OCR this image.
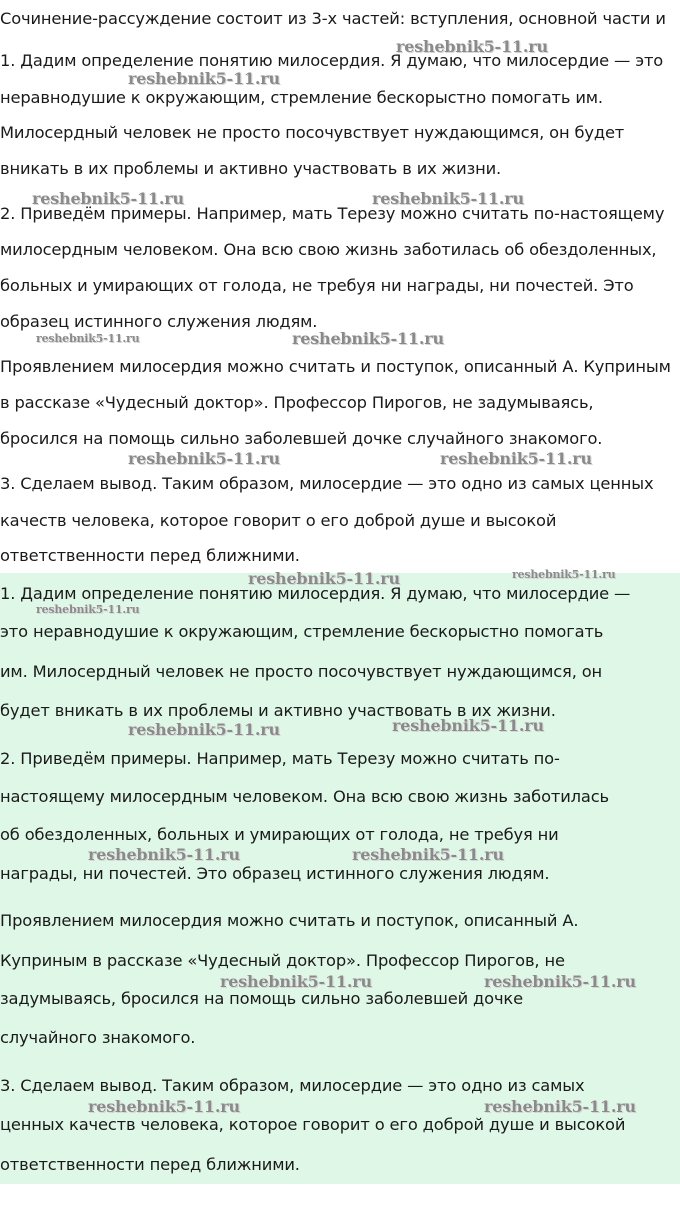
Сочинение-рассуждение состоит из 3-х частей: вступления, основной части и

1. Дадим определение понятию милосердия. Я думаю, что милосердие — это

неравнодушие к окружающим, стремление бескорыстно помогать им.

Милосердный человек не просто посочувствует нуждающимся, он будет

вникать в их проблемы и активно участвовать в их жизни.

2. Приведём примеры. Например, мать Терезу можно считать по-настоящему

милосердным человеком. Она всю свою жизнь заботилась об обездоленных,

больных и умирающих от голода, не требуя ни награды, ни почестей. Это

образец истинного служения людям.

Проявлением милосердия можно считать и поступок, описанный А. Куприным

в рассказе «Чудесный доктор». Профессор Пирогов, не задумываясь,

бросился на помощь сильно заболевшей дочке случайного знакомого.

3. Сделаем вывод. Таким образом, милосердие — это одно из самых ценных

качеств человека, которое говорит о его доброй душе и высокой

ответственности перед ближними.

1. Дадим определение понятию милосердия. Я думаю, что милосердие —

это неравнодушие к окружающим, стремление бескорыстно помогать

им. Милосердный человек не просто посочувствует нуждающимся, он

будет вникать в их проблемы и активно участвовать в их жизни.

2. Приведём примеры. Например, мать Терезу можно считать по-

настоящему милосердным человеком. Она всю свою жизнь заботилась

об обездоленных, больных и умирающих от голода, не требуя ни

награды, ни почестей. Это образец истинного служения людям.

Проявлением милосердия можно считать и поступок, описанный А.

Куприным в рассказе «Чудесный доктор». Профессор Пирогов, не

задумываясь, бросился на помощь сильно заболевшей дочке

случайного знакомого.

3. Сделаем вывод. Таким образом, милосердие — это одно из самых

ценных качеств человека, которое говорит о его доброй душе и высокой

ответственности перед ближними.

reshebnik5-11.ru
reshebnik5-11.ru
reshebnik5-11.ru	reshebnik5-11.ru
reshebnik5-11.ru	reshebnik5-11.ru
reshebnik5-11.ru	reshebnik5-11.ru
reshebnik5-11.ru	reshebnik5-11.ru
reshebnik5-11.ru
reshebnik5-11.ru	reshebnik5-11.ru
reshebnik5-11.ru	reshebnik5-11.ru
reshebnik5-11.ru	reshebnik5-11.ru
reshebnik5-11.ru	reshebnik5-11.ru
